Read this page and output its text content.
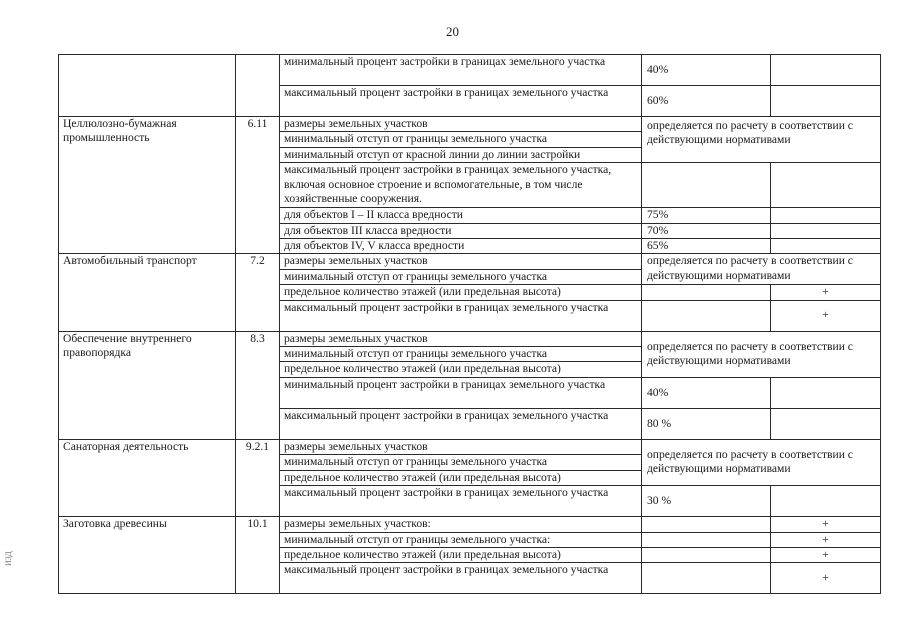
20
ИЗД
		минимальный процент застройки в границах земельного участка	40%	
		максимальный процент застройки в границах земельного участка	60%	
Целлюлозно-бумажная промышленность	6.11	размеры земельных участков	определяется по расчету в соответствии с действующими нормативами	
		минимальный отступ от границы земельного участка		
		минимальный отступ от красной линии до линии застройки		
		максимальный процент застройки в границах земельного участка, включая основное строение и вспомогательные, в том числе хозяйственные сооружения.		
		для объектов I – II класса вредности	75%	
		для объектов III класса вредности	70%	
		для объектов IV, V класса вредности	65%	
Автомобильный транспорт	7.2	размеры земельных участков	определяется по расчету в соответствии с действующими нормативами	
		минимальный отступ от границы земельного участка		
		предельное количество этажей (или предельная высота)		+
		максимальный процент застройки в границах земельного участка		+
Обеспечение внутреннего правопорядка	8.3	размеры земельных участков	определяется по расчету в соответствии с действующими нормативами	
		минимальный отступ от границы земельного участка		
		предельное количество этажей (или предельная высота)		
		минимальный процент застройки в границах земельного участка	40%	
		максимальный процент застройки в границах земельного участка	80 %	
Санаторная деятельность	9.2.1	размеры земельных участков	определяется по расчету в соответствии с действующими нормативами	
		минимальный отступ от границы земельного участка		
		предельное количество этажей (или предельная высота)		
		максимальный процент застройки в границах земельного участка	30 %	
Заготовка древесины	10.1	размеры земельных участков:		+
		минимальный отступ от границы земельного участка:		+
		предельное количество этажей (или предельная высота)		+
		максимальный процент застройки в границах земельного участка		+
